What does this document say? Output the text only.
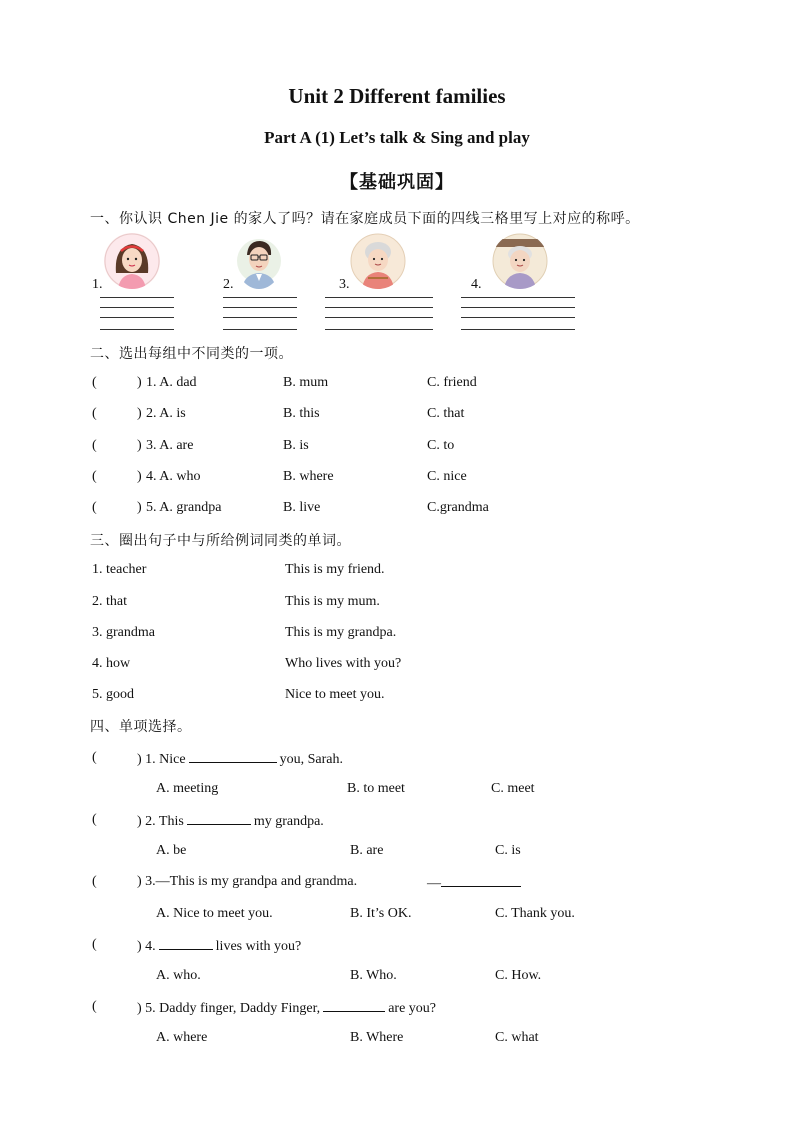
Unit 2 Different families
Part A (1) Let’s talk & Sing and play
【基础巩固】
一、你认识 Chen Jie 的家人了吗？请在家庭成员下面的四线三格里写上对应的称呼。
1.	2.	3.	4.
二、选出每组中不同类的一项。
(	) 1. A. dad	B. mum	C. friend
(	) 2. A. is	B. this	C. that
(	) 3. A. are	B. is	C. to
(	) 4. A. who	B. where	C. nice
(	) 5. A. grandpa	B. live	C.grandma
三、圈出句子中与所给例词同类的单词。
1. teacher	This is my friend.
2. that	This is my mum.
3. grandma	This is my grandpa.
4. how	Who lives with you?
5. good	Nice to meet you.
四、单项选择。
(	) 1. Nice	you, Sarah.
A. meeting	B. to meet	C. meet
(	) 2. This	my grandpa.
A. be	B. are	C. is
(	) 3.—This is my grandpa and grandma.	—
A. Nice to meet you.	B. It’s OK.	C. Thank you.
(	) 4.	lives with you?
A. who.	B. Who.	C. How.
(	) 5. Daddy finger, Daddy Finger,	are you?
A. where	B. Where	C. what
